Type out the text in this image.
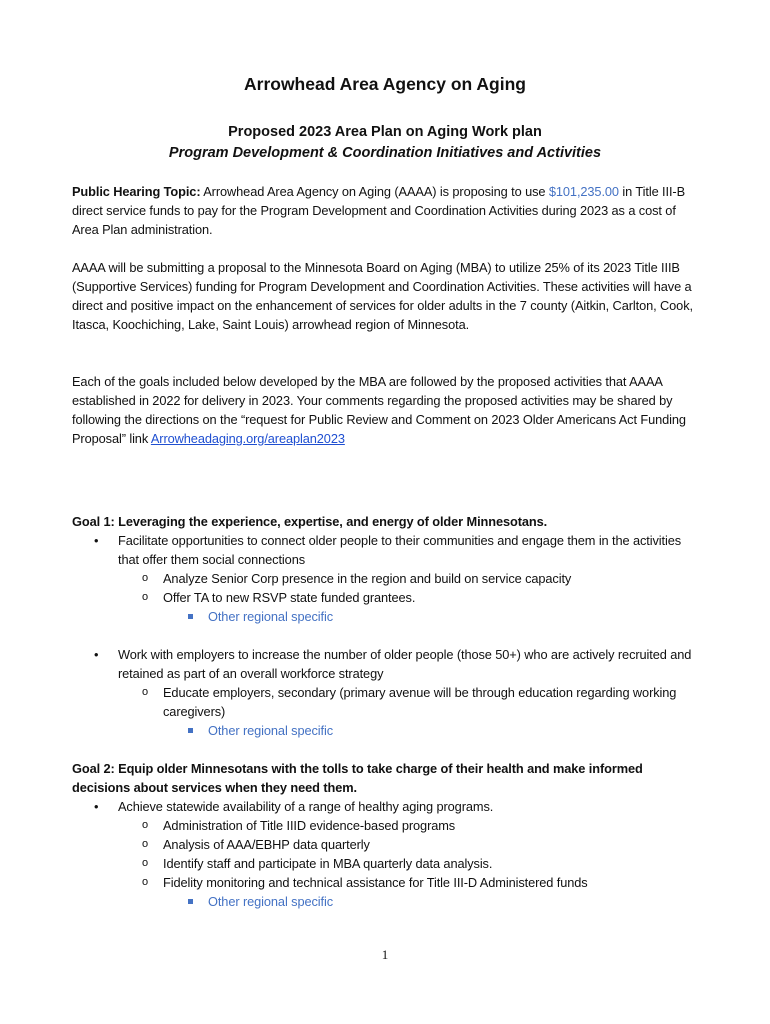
Arrowhead Area Agency on Aging
Proposed 2023 Area Plan on Aging Work plan
Program Development & Coordination Initiatives and Activities
Public Hearing Topic: Arrowhead Area Agency on Aging (AAAA) is proposing to use $101,235.00 in Title III-B direct service funds to pay for the Program Development and Coordination Activities during 2023 as a cost of Area Plan administration.
AAAA will be submitting a proposal to the Minnesota Board on Aging (MBA) to utilize 25% of its 2023 Title IIIB (Supportive Services) funding for Program Development and Coordination Activities. These activities will have a direct and positive impact on the enhancement of services for older adults in the 7 county (Aitkin, Carlton, Cook, Itasca, Koochiching, Lake, Saint Louis) arrowhead region of Minnesota.
Each of the goals included below developed by the MBA are followed by the proposed activities that AAAA established in 2022 for delivery in 2023. Your comments regarding the proposed activities may be shared by following the directions on the “request for Public Review and Comment on 2023 Older Americans Act Funding Proposal” link Arrowheadaging.org/areaplan2023
Goal 1: Leveraging the experience, expertise, and energy of older Minnesotans.
• Facilitate opportunities to connect older people to their communities and engage them in the activities that offer them social connections
o Analyze Senior Corp presence in the region and build on service capacity
o Offer TA to new RSVP state funded grantees.
Other regional specific
• Work with employers to increase the number of older people (those 50+) who are actively recruited and retained as part of an overall workforce strategy
o Educate employers, secondary (primary avenue will be through education regarding working caregivers)
Other regional specific
Goal 2: Equip older Minnesotans with the tolls to take charge of their health and make informed decisions about services when they need them.
• Achieve statewide availability of a range of healthy aging programs.
o Administration of Title IIID evidence-based programs
o Analysis of AAA/EBHP data quarterly
o Identify staff and participate in MBA quarterly data analysis.
o Fidelity monitoring and technical assistance for Title III-D Administered funds
Other regional specific
1
